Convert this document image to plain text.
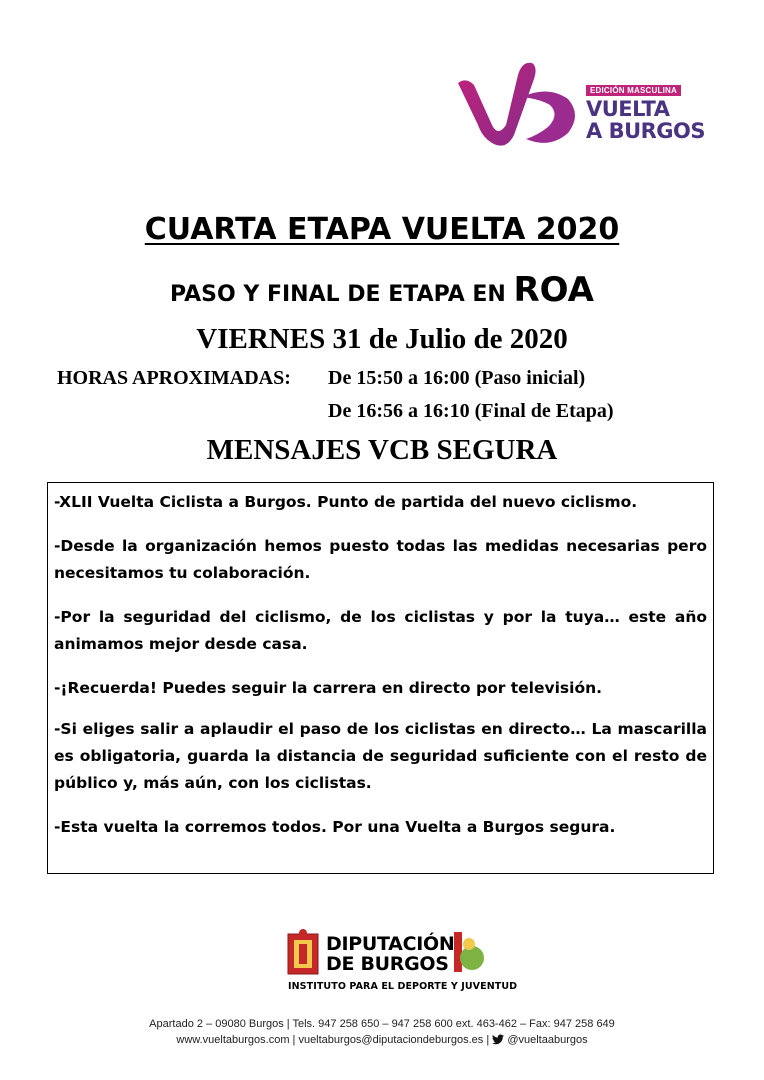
EDICIÓN MASCULINA
VUELTA
A BURGOS
CUARTA ETAPA VUELTA 2020
PASO Y FINAL DE ETAPA EN ROA
VIERNES 31 de Julio de 2020
HORAS APROXIMADAS: De 15:50 a 16:00 (Paso inicial)
De 16:56 a 16:10 (Final de Etapa)
MENSAJES VCB SEGURA

-XLII Vuelta Ciclista a Burgos. Punto de partida del nuevo ciclismo.

-Desde la organización hemos puesto todas las medidas necesarias pero necesitamos tu colaboración.

-Por la seguridad del ciclismo, de los ciclistas y por la tuya… este año animamos mejor desde casa.

-¡Recuerda! Puedes seguir la carrera en directo por televisión.

-Si eliges salir a aplaudir el paso de los ciclistas en directo… La mascarilla es obligatoria, guarda la distancia de seguridad suficiente con el resto de público y, más aún, con los ciclistas.

-Esta vuelta la corremos todos. Por una Vuelta a Burgos segura.

DIPUTACIÓN
DE BURGOS
INSTITUTO PARA EL DEPORTE Y JUVENTUD
Apartado 2 – 09080 Burgos | Tels. 947 258 650 – 947 258 600 ext. 463-462 – Fax: 947 258 649
www.vueltaburgos.com | vueltaburgos@diputaciondeburgos.es |  @vueltaaburgos
